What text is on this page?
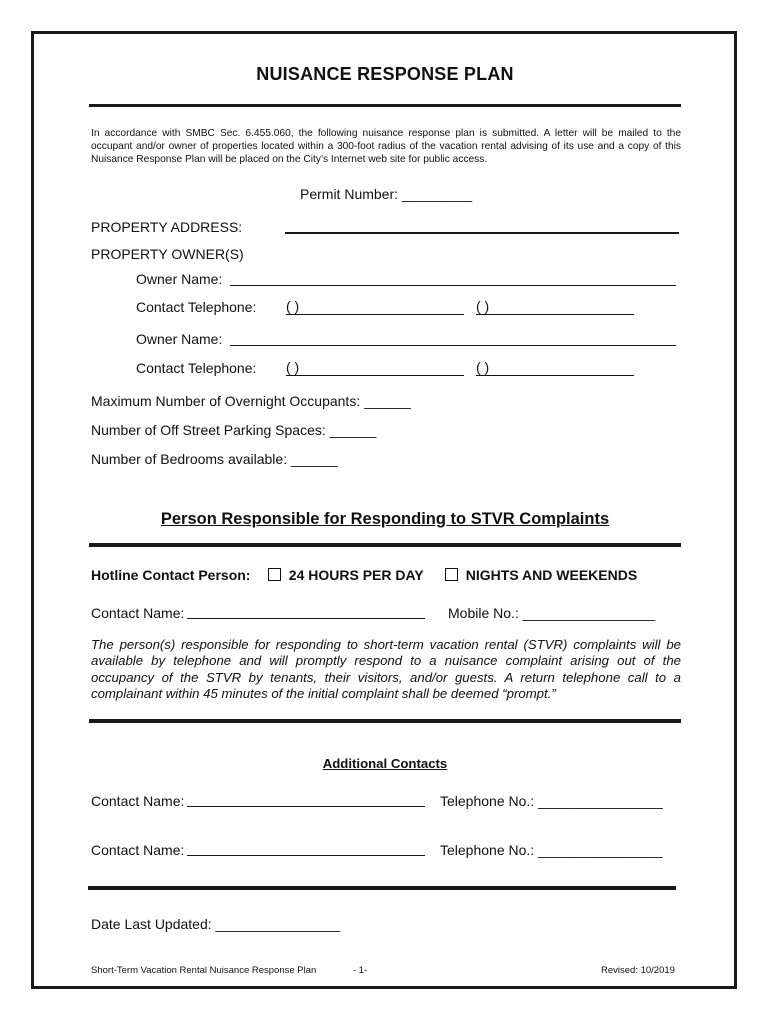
NUISANCE RESPONSE PLAN
In accordance with SMBC Sec. 6.455.060, the following nuisance response plan is submitted. A letter will be mailed to the occupant and/or owner of properties located within a 300-foot radius of the vacation rental advising of its use and a copy of this Nuisance Response Plan will be placed on the City’s Internet web site for public access.
Permit Number: _________
PROPERTY ADDRESS:
PROPERTY OWNER(S)
Owner Name:
Contact Telephone: ( )	( )
Owner Name:
Contact Telephone: ( )	( )
Maximum Number of Overnight Occupants: ______
Number of Off Street Parking Spaces: ______
Number of Bedrooms available: ______
Person Responsible for Responding to STVR Complaints
Hotline Contact Person:	24 HOURS PER DAY	NIGHTS AND WEEKENDS
Contact Name:	Mobile No.: _________________
The person(s) responsible for responding to short-term vacation rental (STVR) complaints will be available by telephone and will promptly respond to a nuisance complaint arising out of the occupancy of the STVR by tenants, their visitors, and/or guests. A return telephone call to a complainant within 45 minutes of the initial complaint shall be deemed “prompt.”
Additional Contacts
Contact Name:	Telephone No.: ________________
Contact Name:	Telephone No.: ________________
Date Last Updated: ________________
Short-Term Vacation Rental Nuisance Response Plan	- 1-	Revised: 10/2019
